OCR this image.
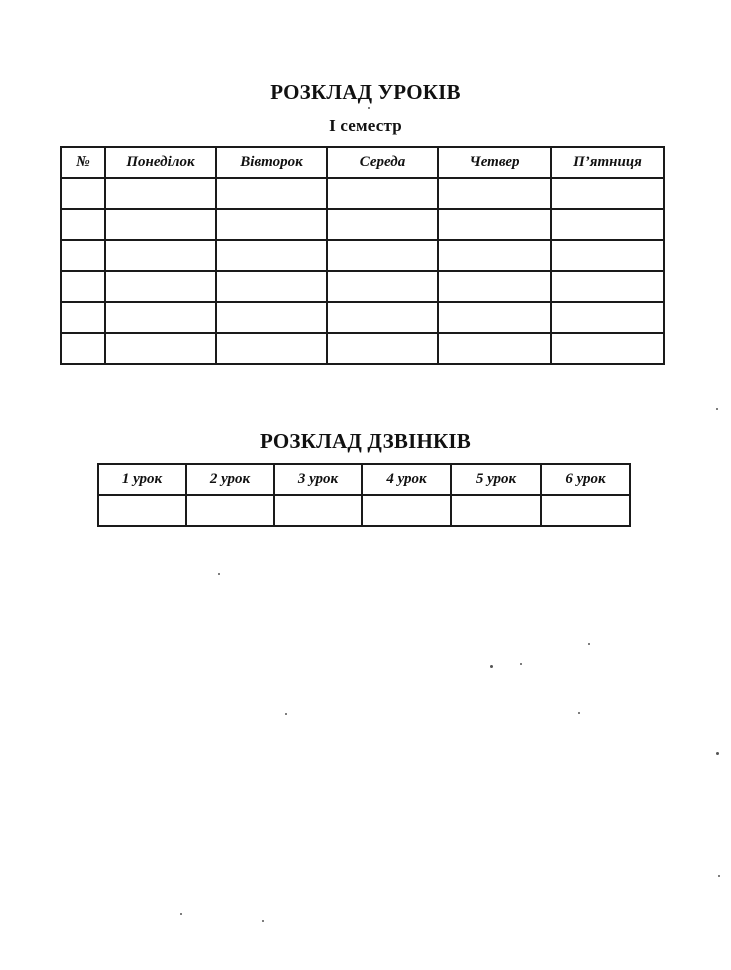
РОЗКЛАД УРОКІВ
І семестр
№	Понеділок	Вівторок	Середа	Четвер	П’ятниця

РОЗКЛАД ДЗВІНКІВ
1 урок	2 урок	3 урок	4 урок	5 урок	6 урок
